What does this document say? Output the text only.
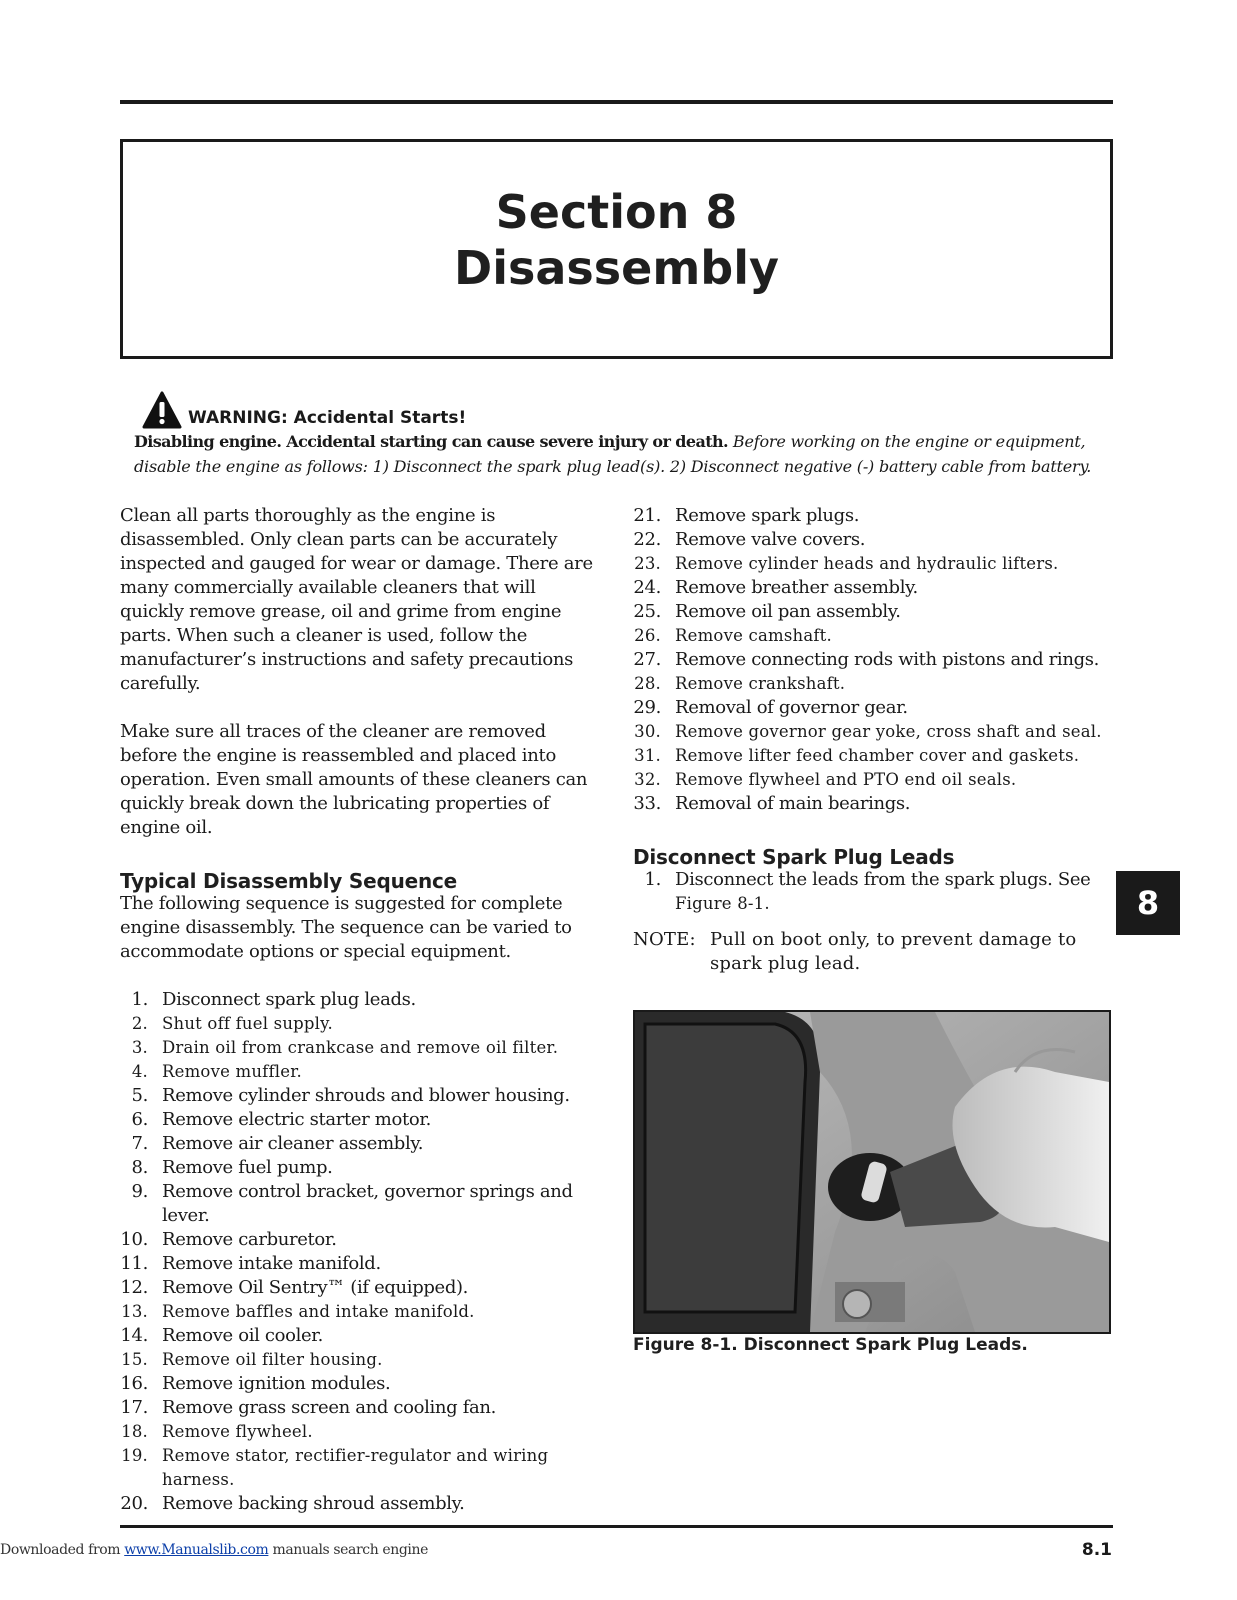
Section 8
Disassembly
WARNING: Accidental Starts!
Disabling engine. Accidental starting can cause severe injury or death. Before working on the engine or equipment,
disable the engine as follows: 1) Disconnect the spark plug lead(s). 2) Disconnect negative (-) battery cable from battery.

Clean all parts thoroughly as the engine is disassembled. Only clean parts can be accurately inspected and gauged for wear or damage. There are many commercially available cleaners that will quickly remove grease, oil and grime from engine parts. When such a cleaner is used, follow the manufacturer’s instructions and safety precautions carefully.

Make sure all traces of the cleaner are removed before the engine is reassembled and placed into operation. Even small amounts of these cleaners can quickly break down the lubricating properties of engine oil.

Typical Disassembly Sequence

The following sequence is suggested for complete engine disassembly. The sequence can be varied to accommodate options or special equipment.

1. Disconnect spark plug leads.
2. Shut off fuel supply.
3. Drain oil from crankcase and remove oil filter.
4. Remove muffler.
5. Remove cylinder shrouds and blower housing.
6. Remove electric starter motor.
7. Remove air cleaner assembly.
8. Remove fuel pump.
9. Remove control bracket, governor springs and lever.
10. Remove carburetor.
11. Remove intake manifold.
12. Remove Oil Sentry™ (if equipped).
13. Remove baffles and intake manifold.
14. Remove oil cooler.
15. Remove oil filter housing.
16. Remove ignition modules.
17. Remove grass screen and cooling fan.
18. Remove flywheel.
19. Remove stator, rectifier-regulator and wiring harness.
20. Remove backing shroud assembly.
21. Remove spark plugs.
22. Remove valve covers.
23. Remove cylinder heads and hydraulic lifters.
24. Remove breather assembly.
25. Remove oil pan assembly.
26. Remove camshaft.
27. Remove connecting rods with pistons and rings.
28. Remove crankshaft.
29. Removal of governor gear.
30. Remove governor gear yoke, cross shaft and seal.
31. Remove lifter feed chamber cover and gaskets.
32. Remove flywheel and PTO end oil seals.
33. Removal of main bearings.
Disconnect Spark Plug Leads
1. Disconnect the leads from the spark plugs. See
Figure 8-1.
NOTE: Pull on boot only, to prevent damage to spark plug lead.
Figure 8-1. Disconnect Spark Plug Leads.
8
8.1
Downloaded from www.Manualslib.com manuals search engine
